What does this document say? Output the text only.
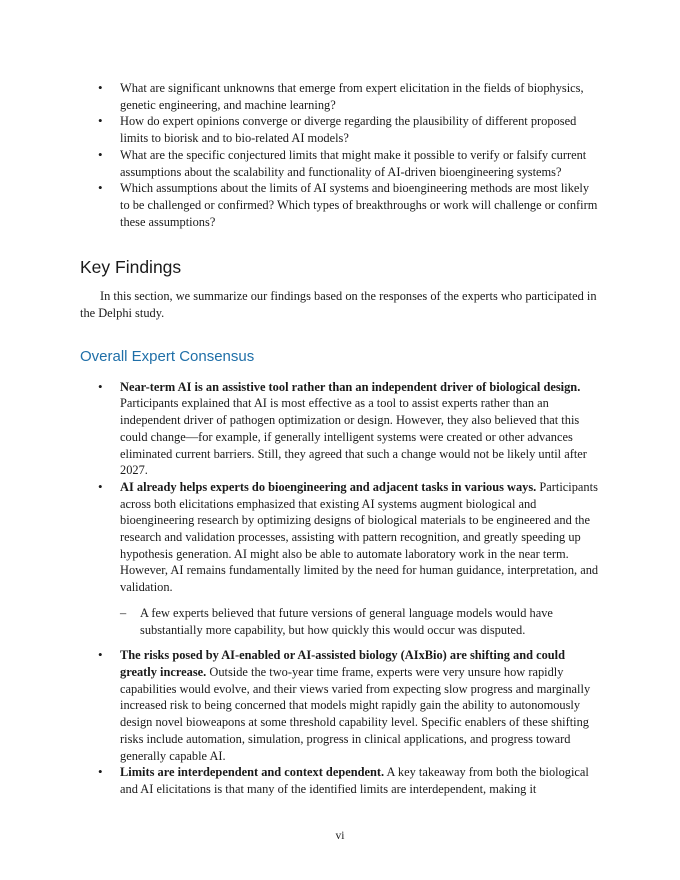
• What are significant unknowns that emerge from expert elicitation in the fields of biophysics, genetic engineering, and machine learning?
• How do expert opinions converge or diverge regarding the plausibility of different proposed limits to biorisk and to bio-related AI models?
• What are the specific conjectured limits that might make it possible to verify or falsify current assumptions about the scalability and functionality of AI-driven bioengineering systems?
• Which assumptions about the limits of AI systems and bioengineering methods are most likely to be challenged or confirmed? Which types of breakthroughs or work will challenge or confirm these assumptions?
Key Findings

In this section, we summarize our findings based on the responses of the experts who participated in the Delphi study.

Overall Expert Consensus
• Near-term AI is an assistive tool rather than an independent driver of biological design. Participants explained that AI is most effective as a tool to assist experts rather than an independent driver of pathogen optimization or design. However, they also believed that this could change—for example, if generally intelligent systems were created or other advances eliminated current barriers. Still, they agreed that such a change would not be likely until after 2027.
• AI already helps experts do bioengineering and adjacent tasks in various ways. Participants across both elicitations emphasized that existing AI systems augment biological and bioengineering research by optimizing designs of biological materials to be engineered and the research and validation processes, assisting with pattern recognition, and greatly speeding up hypothesis generation. AI might also be able to automate laboratory work in the near term. However, AI remains fundamentally limited by the need for human guidance, interpretation, and validation.
– A few experts believed that future versions of general language models would have substantially more capability, but how quickly this would occur was disputed.
• The risks posed by AI-enabled or AI-assisted biology (AIxBio) are shifting and could greatly increase. Outside the two-year time frame, experts were very unsure how rapidly capabilities would evolve, and their views varied from expecting slow progress and marginally increased risk to being concerned that models might rapidly gain the ability to autonomously design novel bioweapons at some threshold capability level. Specific enablers of these shifting risks include automation, simulation, progress in clinical applications, and progress toward generally capable AI.
• Limits are interdependent and context dependent. A key takeaway from both the biological and AI elicitations is that many of the identified limits are interdependent, making it
vi
